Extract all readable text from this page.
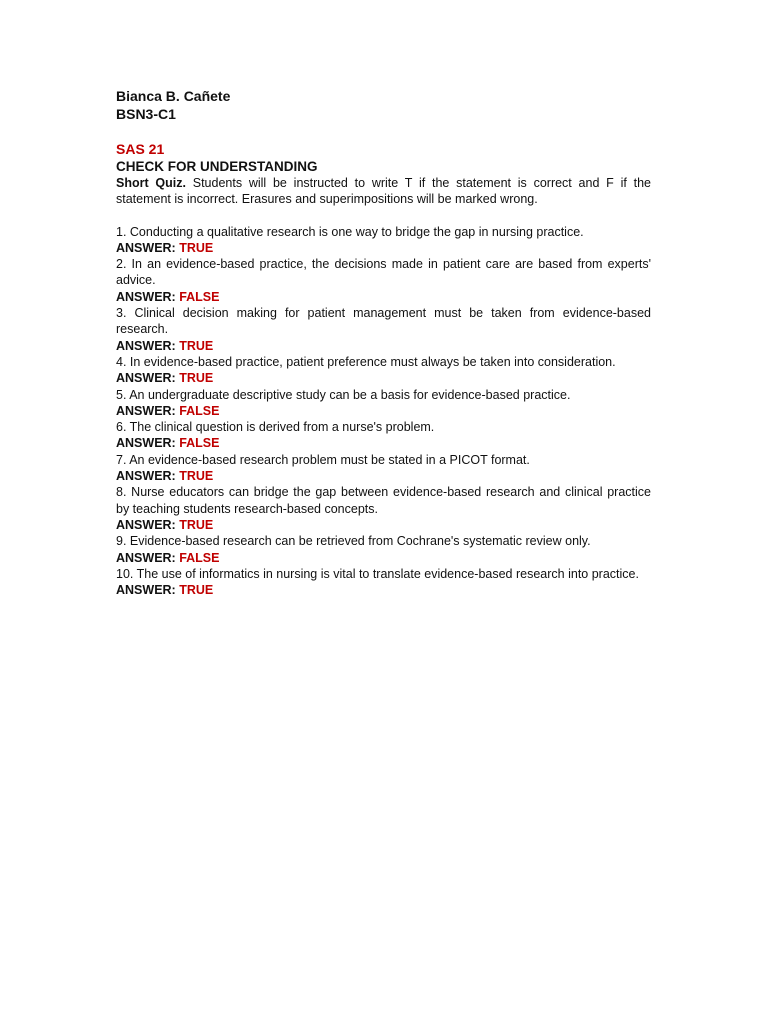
Bianca B. Cañete

BSN3-C1

SAS 21

CHECK FOR UNDERSTANDING

Short Quiz. Students will be instructed to write T if the statement is correct and F if the statement is incorrect. Erasures and superimpositions will be marked wrong.

1. Conducting a qualitative research is one way to bridge the gap in nursing practice.

ANSWER: TRUE

2. In an evidence-based practice, the decisions made in patient care are based from experts' advice.

ANSWER: FALSE

3. Clinical decision making for patient management must be taken from evidence-based research.

ANSWER: TRUE

4. In evidence-based practice, patient preference must always be taken into consideration.

ANSWER: TRUE

5. An undergraduate descriptive study can be a basis for evidence-based practice.

ANSWER: FALSE

6. The clinical question is derived from a nurse's problem.

ANSWER: FALSE

7. An evidence-based research problem must be stated in a PICOT format.

ANSWER: TRUE

8. Nurse educators can bridge the gap between evidence-based research and clinical practice by teaching students research-based concepts.

ANSWER: TRUE

9. Evidence-based research can be retrieved from Cochrane's systematic review only.

ANSWER: FALSE

10. The use of informatics in nursing is vital to translate evidence-based research into practice.

ANSWER: TRUE
